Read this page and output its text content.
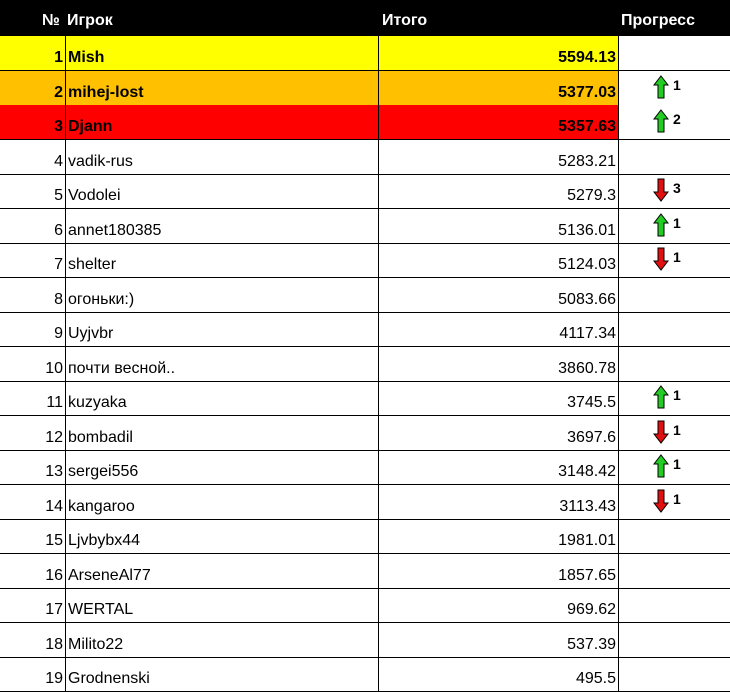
№ Игрок	Итого	Прогресс
1 Mish	5594.13
2 mihej-lost	5377.03	1
3 Djann	5357.63	2
4 vadik-rus	5283.21
5 Vodolei	5279.3	3
6 annet180385	5136.01	1
7 shelter	5124.03	1
8 огоньки:)	5083.66
9 Uyjvbr	4117.34
10 почти весной..	3860.78
11 kuzyaka	3745.5	1
12 bombadil	3697.6	1
13 sergei556	3148.42	1
14 kangaroo	3113.43	1
15 Ljvbybx44	1981.01
16 ArseneAl77	1857.65
17 WERTAL	969.62
18 Milito22	537.39
19 Grodnenski	495.5
